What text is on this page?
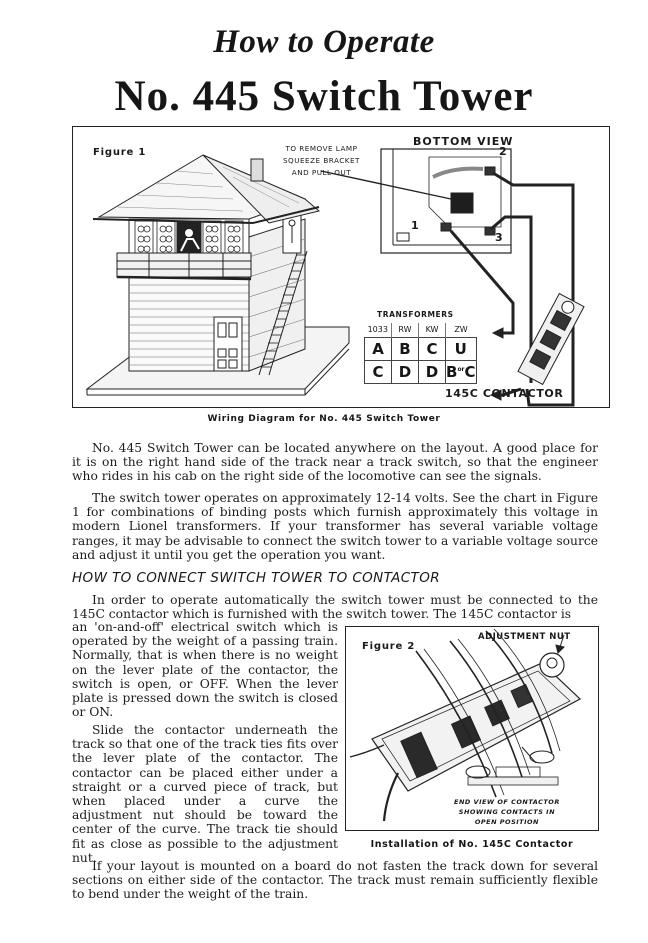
How to Operate
No. 445 Switch Tower
Figure 1	TO REMOVE LAMP
SQUEEZE BRACKET
AND PULL OUT
BOTTOM VIEW
1
2
3
TRANSFORMERS
1033	RW	KW	ZW
A	B	C	U
C	D	D	$B^{or}C$
145C CONTACTOR
Wiring Diagram for No. 445 Switch Tower
No. 445 Switch Tower can be located anywhere on the layout. A good place for it is on the right hand side of the track near a track switch, so that the engineer who rides in his cab on the right side of the locomotive can see the signals.
The switch tower operates on approximately 12-14 volts. See the chart in Figure 1 for combinations of binding posts which furnish approximately this voltage in modern Lionel transformers. If your transformer has several variable voltage ranges, it may be advisable to connect the switch tower to a variable voltage source and adjust it until you get the operation you want.
HOW TO CONNECT SWITCH TOWER TO CONTACTOR
In order to operate automatically the switch tower must be connected to the 145C contactor which is furnished with the switch tower. The 145C contactor is
an 'on-and-off' electrical switch which is operated by the weight of a passing train. Normally, that is when there is no weight on the lever plate of the contactor, the switch is open, or OFF. When the lever plate is pressed down the switch is closed or ON.
Slide the contactor underneath the track so that one of the track ties fits over the lever plate of the contactor. The contactor can be placed either under a straight or a curved piece of track, but when placed under a curve the adjustment nut should be toward the center of the curve. The track tie should fit as close as possible to the adjustment nut.
If your layout is mounted on a board do not fasten the track down for several sections on either side of the contactor. The track must remain sufficiently flexible to bend under the weight of the train.
Figure 2
ADJUSTMENT NUT
END VIEW OF CONTACTOR
SHOWING CONTACTS IN
OPEN POSITION
Installation of No. 145C Contactor
